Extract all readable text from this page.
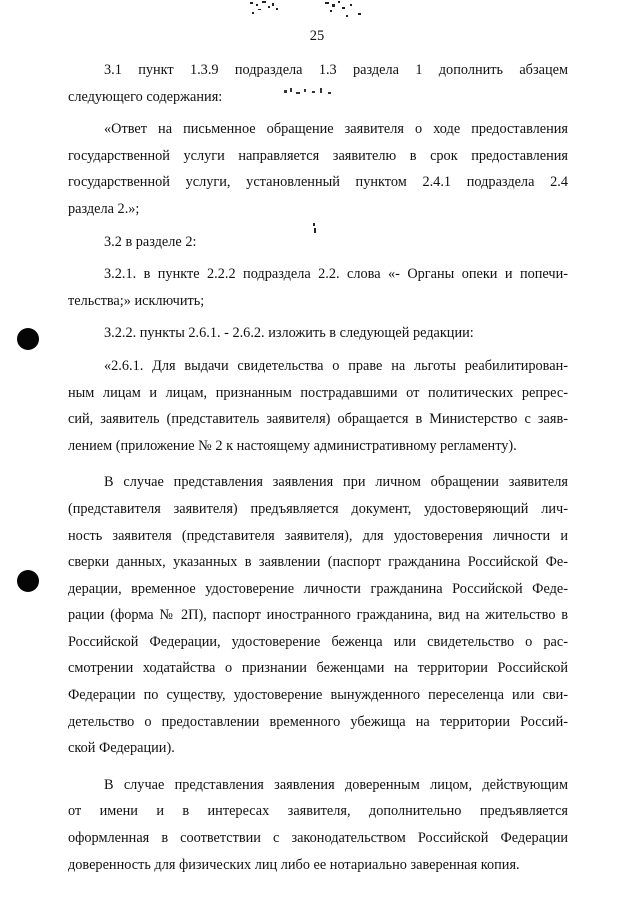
25
3.1 пункт 1.3.9 подраздела 1.3 раздела 1 дополнить абзацем
следующего содержания:
«Ответ на письменное обращение заявителя о ходе предоставления
государственной услуги направляется заявителю в срок предоставления
государственной услуги, установленный пунктом 2.4.1 подраздела 2.4
раздела 2.»;
3.2 в разделе 2:
3.2.1. в пункте 2.2.2 подраздела 2.2. слова «- Органы опеки и попечи-
тельства;» исключить;
3.2.2. пункты 2.6.1. - 2.6.2. изложить в следующей редакции:
«2.6.1. Для выдачи свидетельства о праве на льготы реабилитирован-
ным лицам и лицам, признанным пострадавшими от политических репрес-
сий, заявитель (представитель заявителя) обращается в Министерство с заяв-
лением (приложение № 2 к настоящему административному регламенту).
В случае представления заявления при личном обращении заявителя
(представителя заявителя) предъявляется документ, удостоверяющий лич-
ность заявителя (представителя заявителя), для удостоверения личности и
сверки данных, указанных в заявлении (паспорт гражданина Российской Фе-
дерации, временное удостоверение личности гражданина Российской Феде-
рации (форма № 2П), паспорт иностранного гражданина, вид на жительство в
Российской Федерации, удостоверение беженца или свидетельство о рас-
смотрении ходатайства о признании беженцами на территории Российской
Федерации по существу, удостоверение вынужденного переселенца или сви-
детельство о предоставлении временного убежища на территории Россий-
ской Федерации).
В случае представления заявления доверенным лицом, действующим
от имени и в интересах заявителя, дополнительно предъявляется
оформленная в соответствии с законодательством Российской Федерации
доверенность для физических лиц либо ее нотариально заверенная копия.
